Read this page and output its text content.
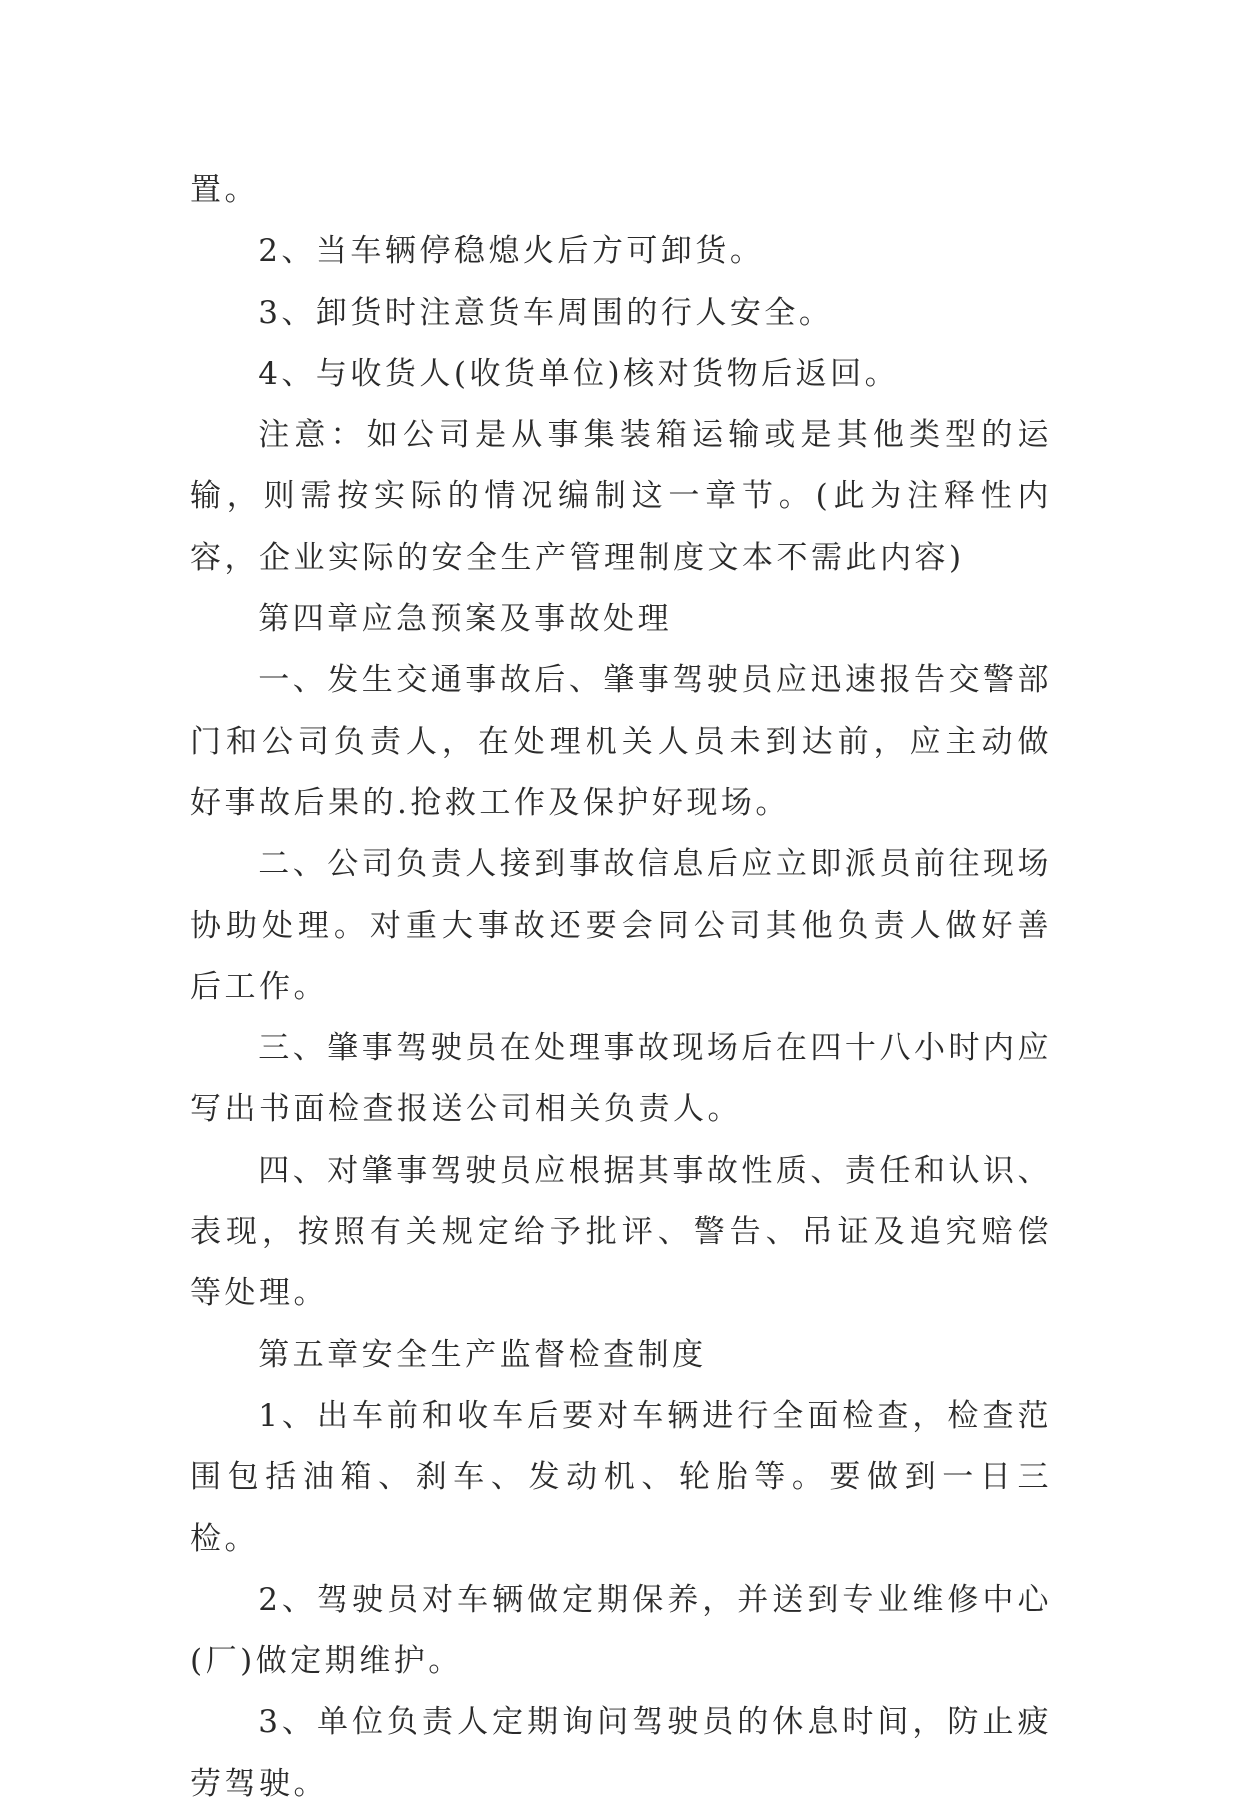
置。

2、当车辆停稳熄火后方可卸货。

3、卸货时注意货车周围的行人安全。

4、与收货人(收货单位)核对货物后返回。

注意：如公司是从事集装箱运输或是其他类型的运输，则需按实际的情况编制这一章节。(此为注释性内容，企业实际的安全生产管理制度文本不需此内容)

第四章应急预案及事故处理

一、发生交通事故后、肇事驾驶员应迅速报告交警部门和公司负责人，在处理机关人员未到达前，应主动做好事故后果的.抢救工作及保护好现场。

二、公司负责人接到事故信息后应立即派员前往现场协助处理。对重大事故还要会同公司其他负责人做好善后工作。

三、肇事驾驶员在处理事故现场后在四十八小时内应写出书面检查报送公司相关负责人。

四、对肇事驾驶员应根据其事故性质、责任和认识、表现，按照有关规定给予批评、警告、吊证及追究赔偿等处理。

第五章安全生产监督检查制度

1、出车前和收车后要对车辆进行全面检查，检查范围包括油箱、刹车、发动机、轮胎等。要做到一日三检。

2、驾驶员对车辆做定期保养，并送到专业维修中心(厂)做定期维护。

3、单位负责人定期询问驾驶员的休息时间，防止疲劳驾驶。
